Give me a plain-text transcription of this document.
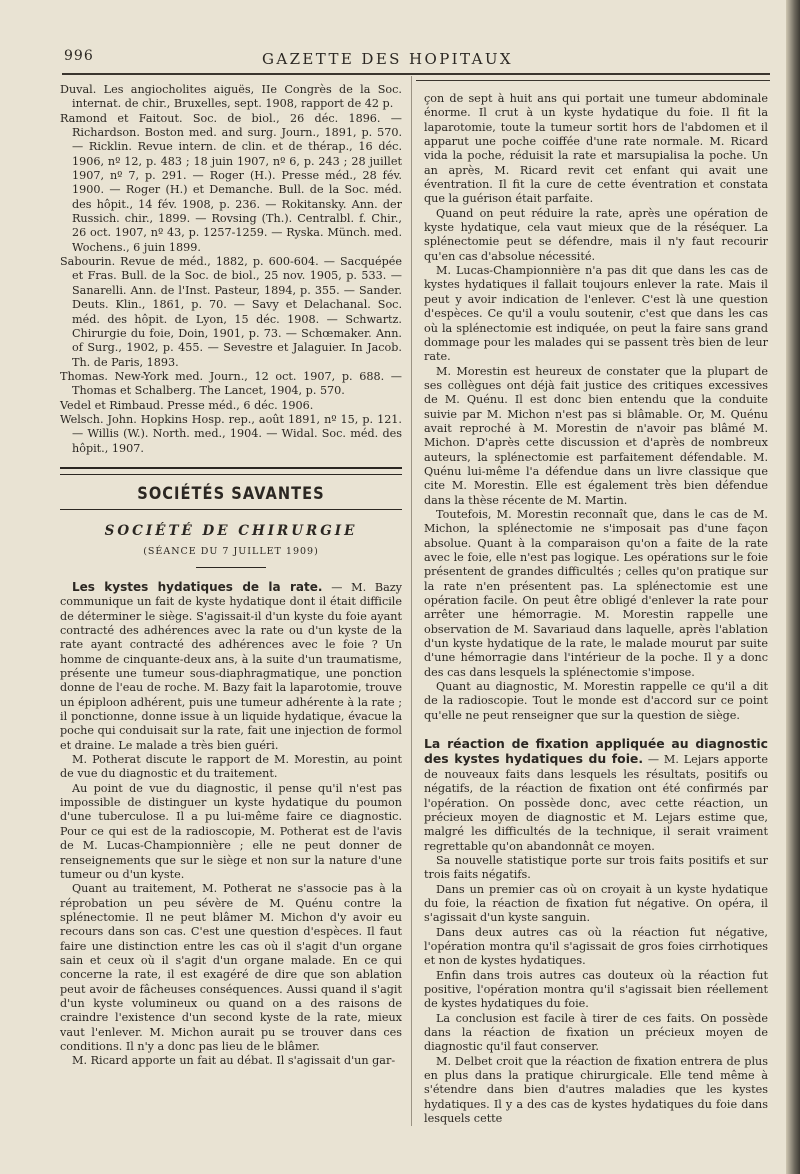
996	GAZETTE DES HOPITAUX

Duval. Les angiocholites aiguës, IIe Congrès de la Soc. internat. de chir., Bruxelles, sept. 1908, rapport de 42 p.

Ramond et Faitout. Soc. de biol., 26 déc. 1896. — Richardson. Boston med. and surg. Journ., 1891, p. 570. — Ricklin. Revue intern. de clin. et de thérap., 16 déc. 1906, nº 12, p. 483 ; 18 juin 1907, nº 6, p. 243 ; 28 juillet 1907, nº 7, p. 291. — Roger (H.). Presse méd., 28 fév. 1900. — Roger (H.) et Demanche. Bull. de la Soc. méd. des hôpit., 14 fév. 1908, p. 236. — Rokitansky. Ann. der Russich. chir., 1899. — Rovsing (Th.). Centralbl. f. Chir., 26 oct. 1907, nº 43, p. 1257-1259. — Ryska. Münch. med. Wochens., 6 juin 1899.

Sabourin. Revue de méd., 1882, p. 600-604. — Sacquépée et Fras. Bull. de la Soc. de biol., 25 nov. 1905, p. 533. — Sanarelli. Ann. de l'Inst. Pasteur, 1894, p. 355. — Sander. Deuts. Klin., 1861, p. 70. — Savy et Delachanal. Soc. méd. des hôpit. de Lyon, 15 déc. 1908. — Schwartz. Chirurgie du foie, Doin, 1901, p. 73. — Schœmaker. Ann. of Surg., 1902, p. 455. — Sevestre et Jalaguier. In Jacob. Th. de Paris, 1893.

Thomas. New-York med. Journ., 12 oct. 1907, p. 688. — Thomas et Schalberg. The Lancet, 1904, p. 570.

Vedel et Rimbaud. Presse méd., 6 déc. 1906.

Welsch. John. Hopkins Hosp. rep., août 1891, nº 15, p. 121. — Willis (W.). North. med., 1904. — Widal. Soc. méd. des hôpit., 1907.

SOCIÉTÉS SAVANTES
SOCIÉTÉ DE CHIRURGIE
(SÉANCE DU 7 JUILLET 1909)

Les kystes hydatiques de la rate. — M. Bazy communique un fait de kyste hydatique dont il était difficile de déterminer le siège. S'agissait-il d'un kyste du foie ayant contracté des adhérences avec la rate ou d'un kyste de la rate ayant contracté des adhérences avec le foie ? Un homme de cinquante-deux ans, à la suite d'un traumatisme, présente une tumeur sous-diaphragmatique, une ponction donne de l'eau de roche. M. Bazy fait la laparotomie, trouve un épiploon adhérent, puis une tumeur adhérente à la rate ; il ponctionne, donne issue à un liquide hydatique, évacue la poche qui conduisait sur la rate, fait une injection de formol et draine. Le malade a très bien guéri.

M. Potherat discute le rapport de M. Morestin, au point de vue du diagnostic et du traitement.

Au point de vue du diagnostic, il pense qu'il n'est pas impossible de distinguer un kyste hydatique du poumon d'une tuberculose. Il a pu lui-même faire ce diagnostic. Pour ce qui est de la radioscopie, M. Potherat est de l'avis de M. Lucas-Championnière ; elle ne peut donner de renseignements que sur le siège et non sur la nature d'une tumeur ou d'un kyste.

Quant au traitement, M. Potherat ne s'associe pas à la réprobation un peu sévère de M. Quénu contre la splénectomie. Il ne peut blâmer M. Michon d'y avoir eu recours dans son cas. C'est une question d'espèces. Il faut faire une distinction entre les cas où il s'agit d'un organe sain et ceux où il s'agit d'un organe malade. En ce qui concerne la rate, il est exagéré de dire que son ablation peut avoir de fâcheuses conséquences. Aussi quand il s'agit d'un kyste volumineux ou quand on a des raisons de craindre l'existence d'un second kyste de la rate, mieux vaut l'enlever. M. Michon aurait pu se trouver dans ces conditions. Il n'y a donc pas lieu de le blâmer.

M. Ricard apporte un fait au débat. Il s'agissait d'un gar-

çon de sept à huit ans qui portait une tumeur abdominale énorme. Il crut à un kyste hydatique du foie. Il fit la laparotomie, toute la tumeur sortit hors de l'abdomen et il apparut une poche coiffée d'une rate normale. M. Ricard vida la poche, réduisit la rate et marsupialisa la poche. Un an après, M. Ricard revit cet enfant qui avait une éventration. Il fit la cure de cette éventration et constata que la guérison était parfaite.

Quand on peut réduire la rate, après une opération de kyste hydatique, cela vaut mieux que de la réséquer. La splénectomie peut se défendre, mais il n'y faut recourir qu'en cas d'absolue nécessité.

M. Lucas-Championnière n'a pas dit que dans les cas de kystes hydatiques il fallait toujours enlever la rate. Mais il peut y avoir indication de l'enlever. C'est là une question d'espèces. Ce qu'il a voulu soutenir, c'est que dans les cas où la splénectomie est indiquée, on peut la faire sans grand dommage pour les malades qui se passent très bien de leur rate.

M. Morestin est heureux de constater que la plupart de ses collègues ont déjà fait justice des critiques excessives de M. Quénu. Il est donc bien entendu que la conduite suivie par M. Michon n'est pas si blâmable. Or, M. Quénu avait reproché à M. Morestin de n'avoir pas blâmé M. Michon. D'après cette discussion et d'après de nombreux auteurs, la splénectomie est parfaitement défendable. M. Quénu lui-même l'a défendue dans un livre classique que cite M. Morestin. Elle est également très bien défendue dans la thèse récente de M. Martin.

Toutefois, M. Morestin reconnaît que, dans le cas de M. Michon, la splénectomie ne s'imposait pas d'une façon absolue. Quant à la comparaison qu'on a faite de la rate avec le foie, elle n'est pas logique. Les opérations sur le foie présentent de grandes difficultés ; celles qu'on pratique sur la rate n'en présentent pas. La splénectomie est une opération facile. On peut être obligé d'enlever la rate pour arrêter une hémorragie. M. Morestin rappelle une observation de M. Savariaud dans laquelle, après l'ablation d'un kyste hydatique de la rate, le malade mourut par suite d'une hémorragie dans l'intérieur de la poche. Il y a donc des cas dans lesquels la splénectomie s'impose.

Quant au diagnostic, M. Morestin rappelle ce qu'il a dit de la radioscopie. Tout le monde est d'accord sur ce point qu'elle ne peut renseigner que sur la question de siège.

La réaction de fixation appliquée au diagnostic des kystes hydatiques du foie. — M. Lejars apporte de nouveaux faits dans lesquels les résultats, positifs ou négatifs, de la réaction de fixation ont été confirmés par l'opération. On possède donc, avec cette réaction, un précieux moyen de diagnostic et M. Lejars estime que, malgré les difficultés de la technique, il serait vraiment regrettable qu'on abandonnât ce moyen.

Sa nouvelle statistique porte sur trois faits positifs et sur trois faits négatifs.

Dans un premier cas où on croyait à un kyste hydatique du foie, la réaction de fixation fut négative. On opéra, il s'agissait d'un kyste sanguin.

Dans deux autres cas où la réaction fut négative, l'opération montra qu'il s'agissait de gros foies cirrhotiques et non de kystes hydatiques.

Enfin dans trois autres cas douteux où la réaction fut positive, l'opération montra qu'il s'agissait bien réellement de kystes hydatiques du foie.

La conclusion est facile à tirer de ces faits. On possède dans la réaction de fixation un précieux moyen de diagnostic qu'il faut conserver.

M. Delbet croit que la réaction de fixation entrera de plus en plus dans la pratique chirurgicale. Elle tend même à s'étendre dans bien d'autres maladies que les kystes hydatiques. Il y a des cas de kystes hydatiques du foie dans lesquels cette
